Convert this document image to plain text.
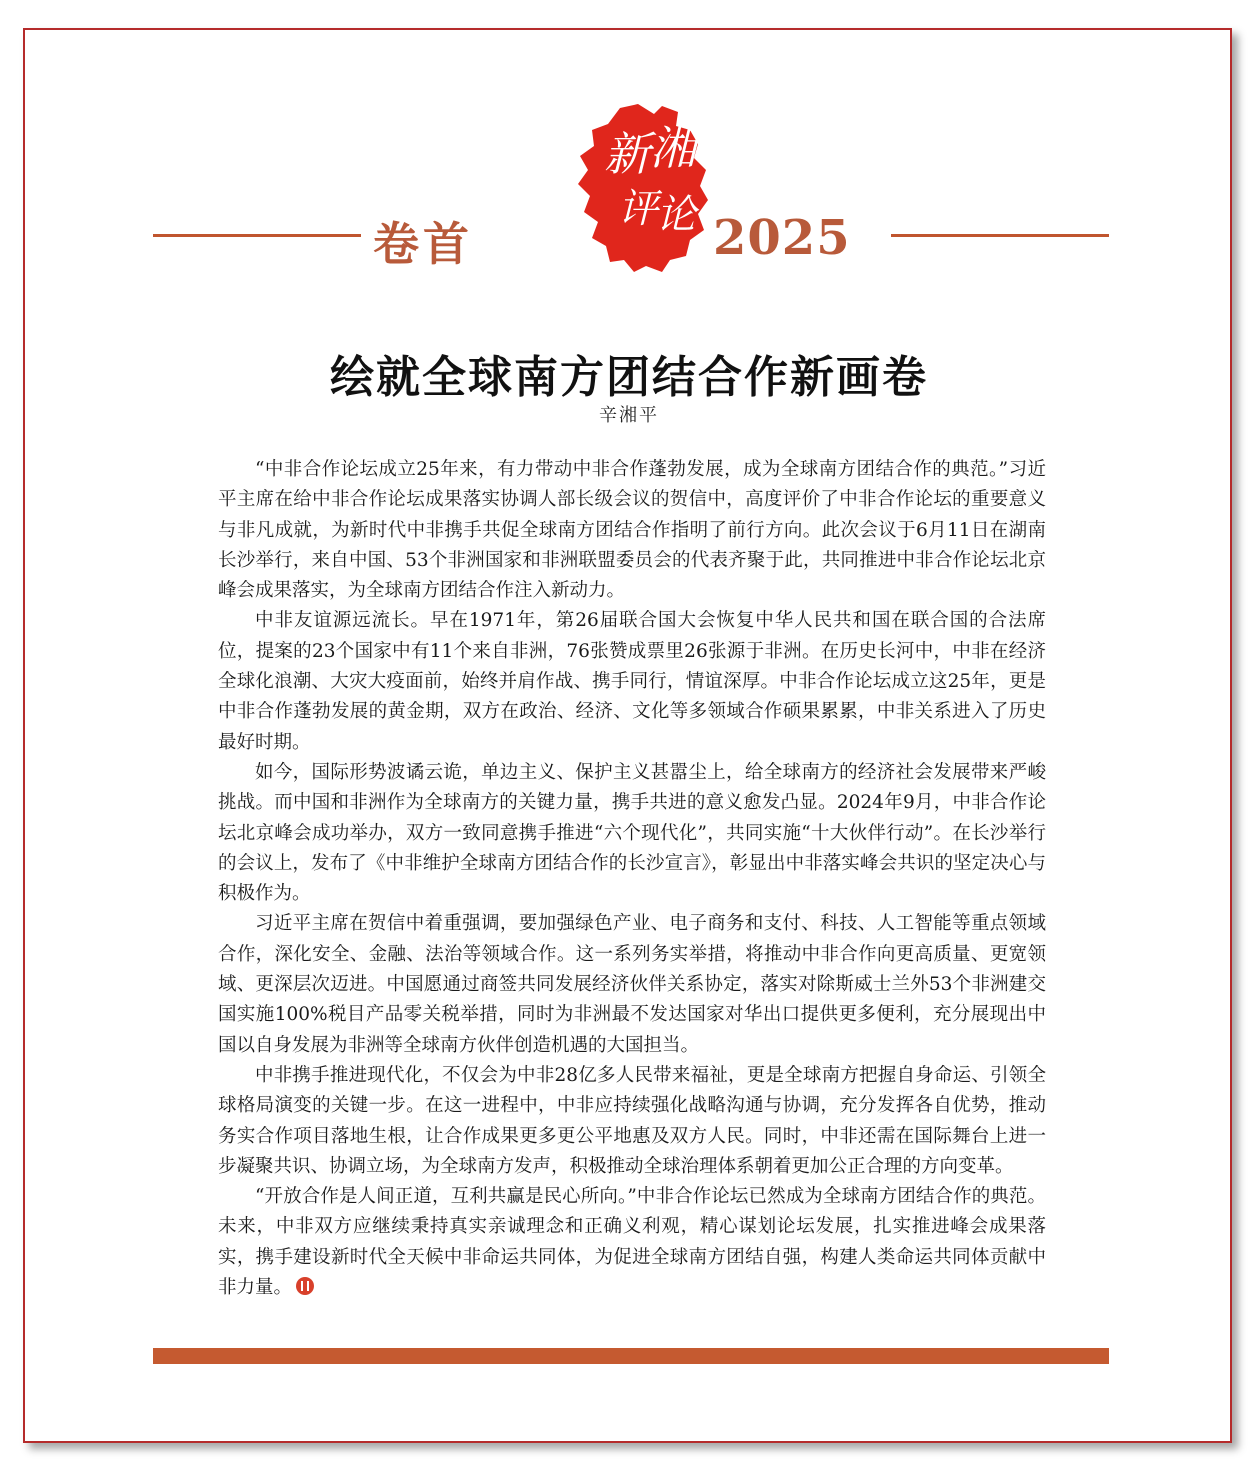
卷首
新 湘
评
论 2025
绘就全球南方团结合作新画卷
辛湘平

“中非合作论坛成立25年来，有力带动中非合作蓬勃发展，成为全球南方团结合作的典范。”习近平主席在给中非合作论坛成果落实协调人部长级会议的贺信中，高度评价了中非合作论坛的重要意义与非凡成就，为新时代中非携手共促全球南方团结合作指明了前行方向。此次会议于6月11日在湖南长沙举行，来自中国、53个非洲国家和非洲联盟委员会的代表齐聚于此，共同推进中非合作论坛北京峰会成果落实，为全球南方团结合作注入新动力。

中非友谊源远流长。早在1971年，第26届联合国大会恢复中华人民共和国在联合国的合法席位，提案的23个国家中有11个来自非洲，76张赞成票里26张源于非洲。在历史长河中，中非在经济全球化浪潮、大灾大疫面前，始终并肩作战、携手同行，情谊深厚。中非合作论坛成立这25年，更是中非合作蓬勃发展的黄金期，双方在政治、经济、文化等多领域合作硕果累累，中非关系进入了历史最好时期。

如今，国际形势波谲云诡，单边主义、保护主义甚嚣尘上，给全球南方的经济社会发展带来严峻挑战。而中国和非洲作为全球南方的关键力量，携手共进的意义愈发凸显。2024年9月，中非合作论坛北京峰会成功举办，双方一致同意携手推进“六个现代化”，共同实施“十大伙伴行动”。在长沙举行的会议上，发布了《中非维护全球南方团结合作的长沙宣言》，彰显出中非落实峰会共识的坚定决心与积极作为。

习近平主席在贺信中着重强调，要加强绿色产业、电子商务和支付、科技、人工智能等重点领域合作，深化安全、金融、法治等领域合作。这一系列务实举措，将推动中非合作向更高质量、更宽领域、更深层次迈进。中国愿通过商签共同发展经济伙伴关系协定，落实对除斯威士兰外53个非洲建交国实施100%税目产品零关税举措，同时为非洲最不发达国家对华出口提供更多便利，充分展现出中国以自身发展为非洲等全球南方伙伴创造机遇的大国担当。

中非携手推进现代化，不仅会为中非28亿多人民带来福祉，更是全球南方把握自身命运、引领全球格局演变的关键一步。在这一进程中，中非应持续强化战略沟通与协调，充分发挥各自优势，推动务实合作项目落地生根，让合作成果更多更公平地惠及双方人民。同时，中非还需在国际舞台上进一步凝聚共识、协调立场，为全球南方发声，积极推动全球治理体系朝着更加公正合理的方向变革。

“开放合作是人间正道，互利共赢是民心所向。”中非合作论坛已然成为全球南方团结合作的典范。未来，中非双方应继续秉持真实亲诚理念和正确义利观，精心谋划论坛发展，扎实推进峰会成果落实，携手建设新时代全天候中非命运共同体，为促进全球南方团结自强，构建人类命运共同体贡献中非力量。
